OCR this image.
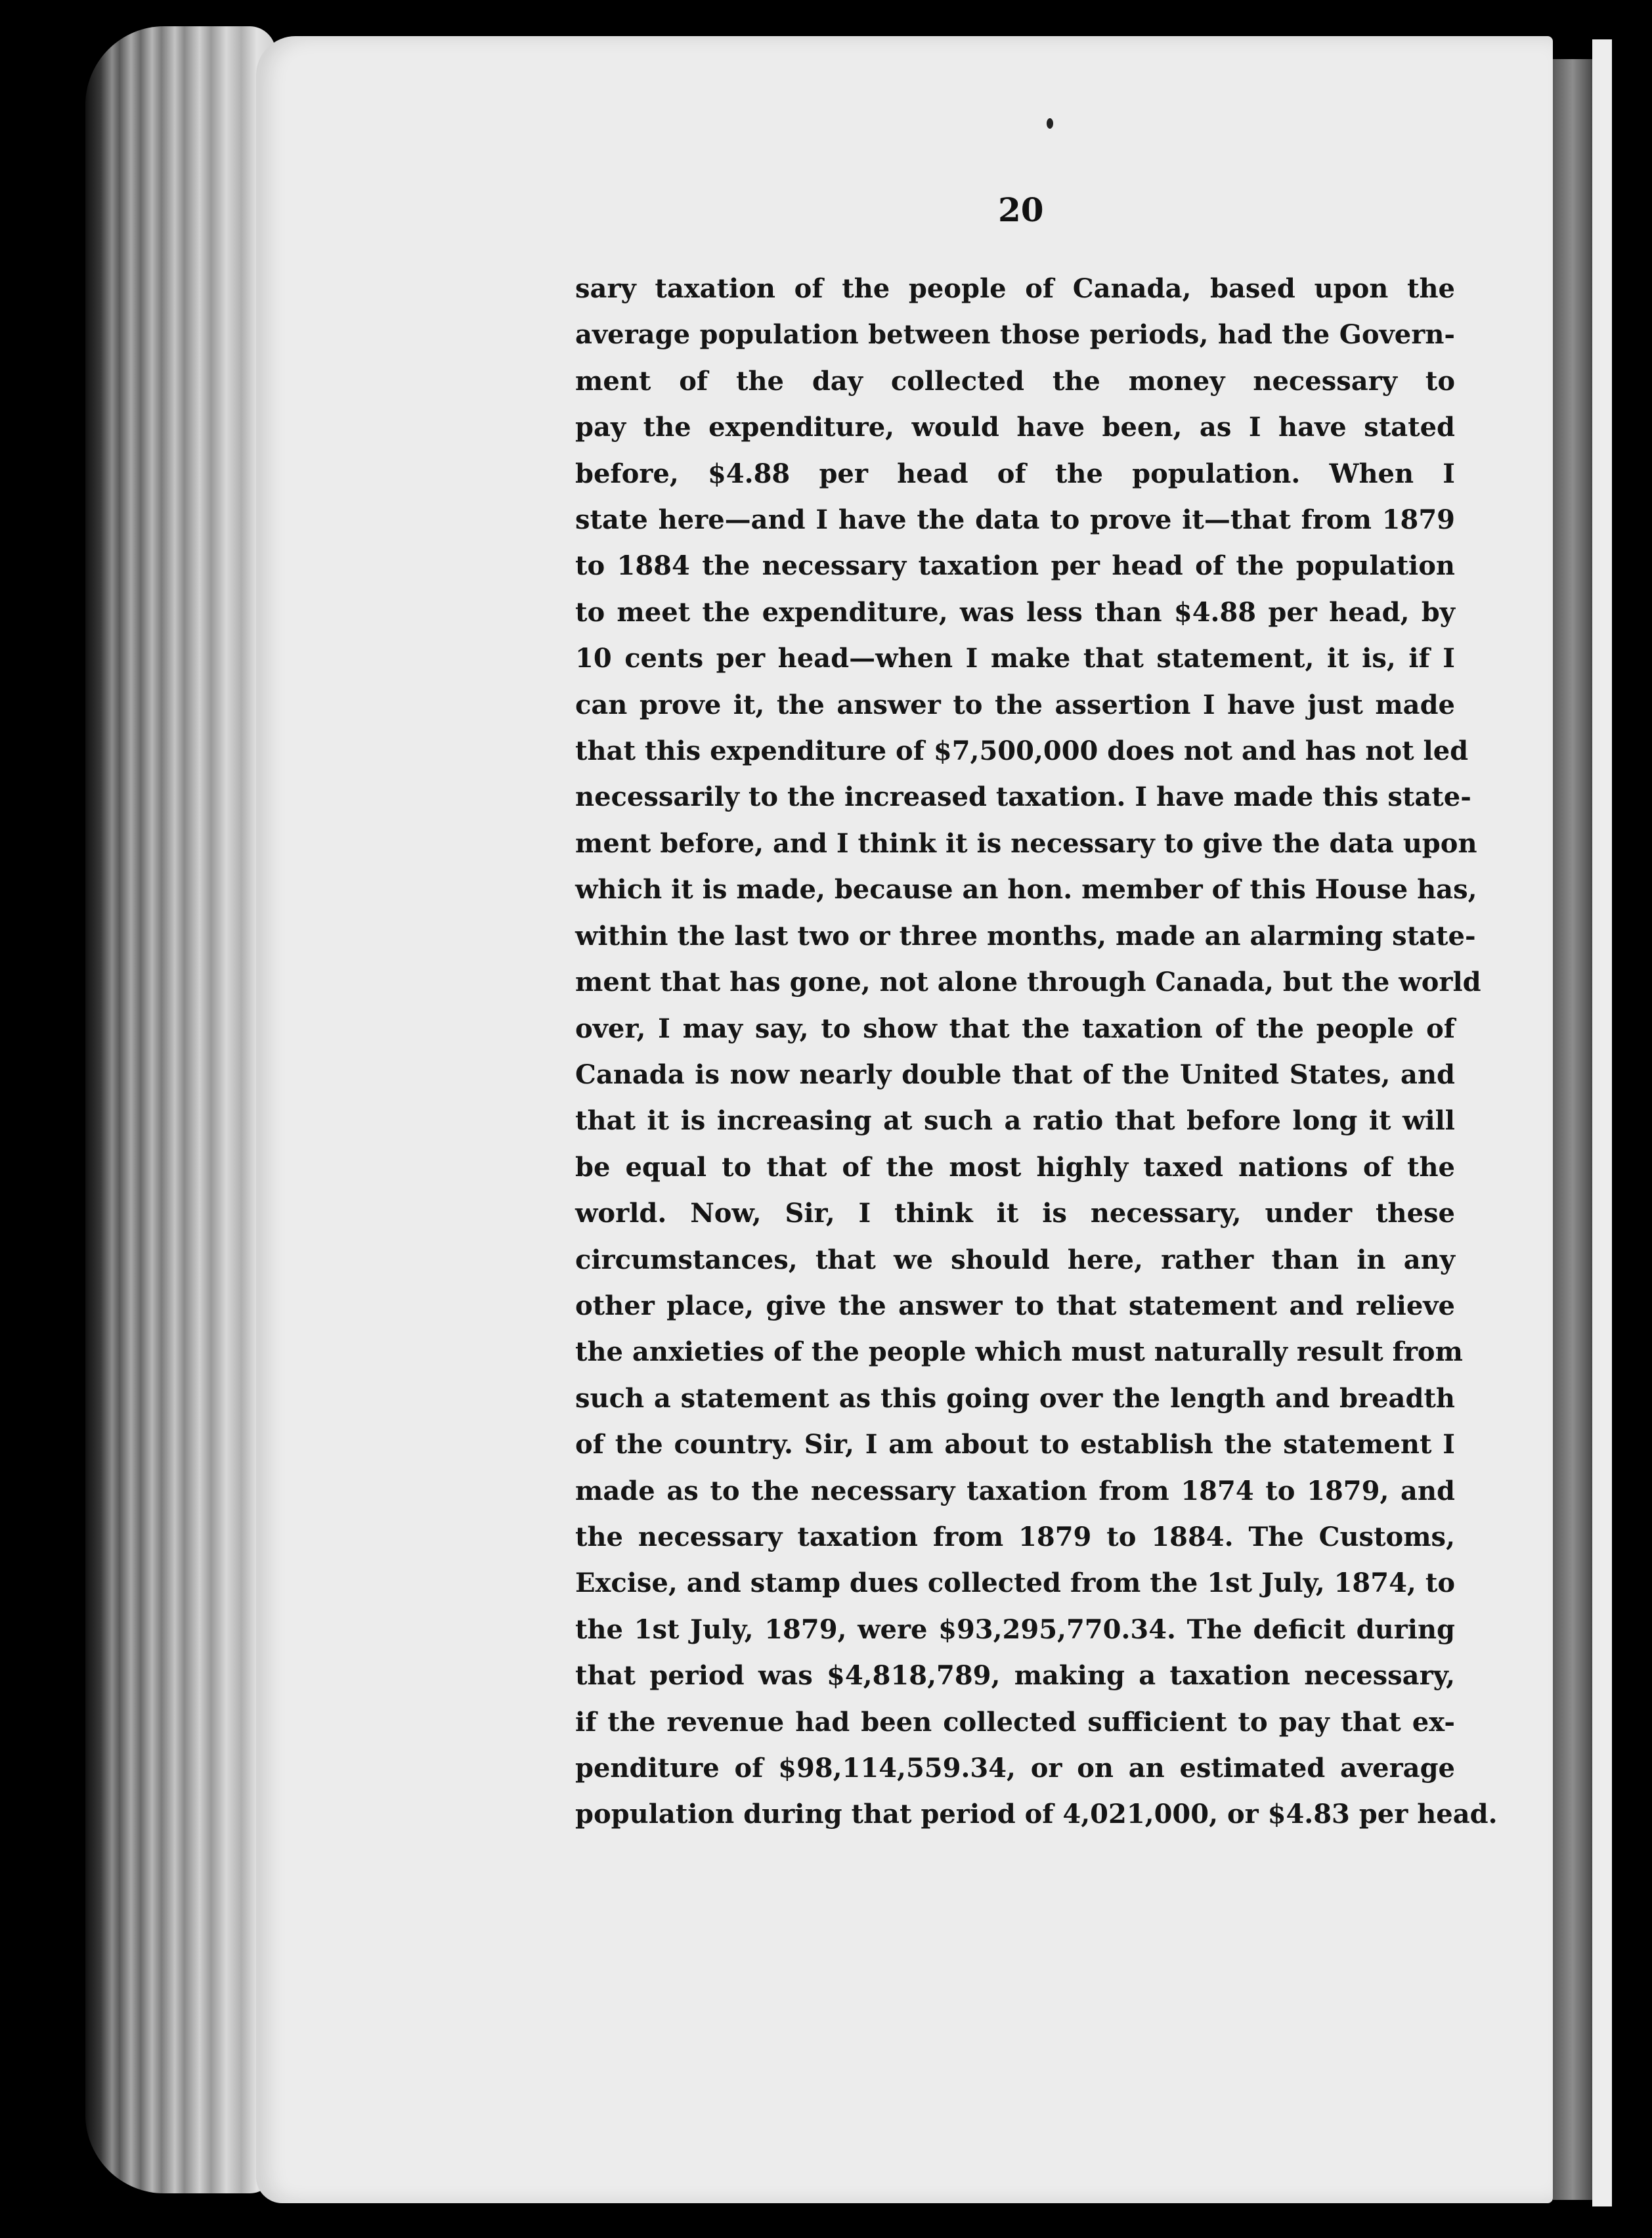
20
sary taxation of the people of Canada, based upon the
average population between those periods, had the Govern-
ment of the day collected the money necessary to
pay the expenditure, would have been, as I have stated
before, $4.88 per head of the population. When I
state here—and I have the data to prove it—that from 1879
to 1884 the necessary taxation per head of the population
to meet the expenditure, was less than $4.88 per head, by
10 cents per head—when I make that statement, it is, if I
can prove it, the answer to the assertion I have just made
that this expenditure of $7,500,000 does not and has not led
necessarily to the increased taxation. I have made this state-
ment before, and I think it is necessary to give the data upon
which it is made, because an hon. member of this House has,
within the last two or three months, made an alarming state-
ment that has gone, not alone through Canada, but the world
over, I may say, to show that the taxation of the people of
Canada is now nearly double that of the United States, and
that it is increasing at such a ratio that before long it will
be equal to that of the most highly taxed nations of the
world. Now, Sir, I think it is necessary, under these
circumstances, that we should here, rather than in any
other place, give the answer to that statement and relieve
the anxieties of the people which must naturally result from
such a statement as this going over the length and breadth
of the country. Sir, I am about to establish the statement I
made as to the necessary taxation from 1874 to 1879, and
the necessary taxation from 1879 to 1884. The Customs,
Excise, and stamp dues collected from the 1st July, 1874, to
the 1st July, 1879, were $93,295,770.34. The deficit during
that period was $4,818,789, making a taxation necessary,
if the revenue had been collected sufficient to pay that ex-
penditure of $98,114,559.34, or on an estimated average
population during that period of 4,021,000, or $4.83 per head.
